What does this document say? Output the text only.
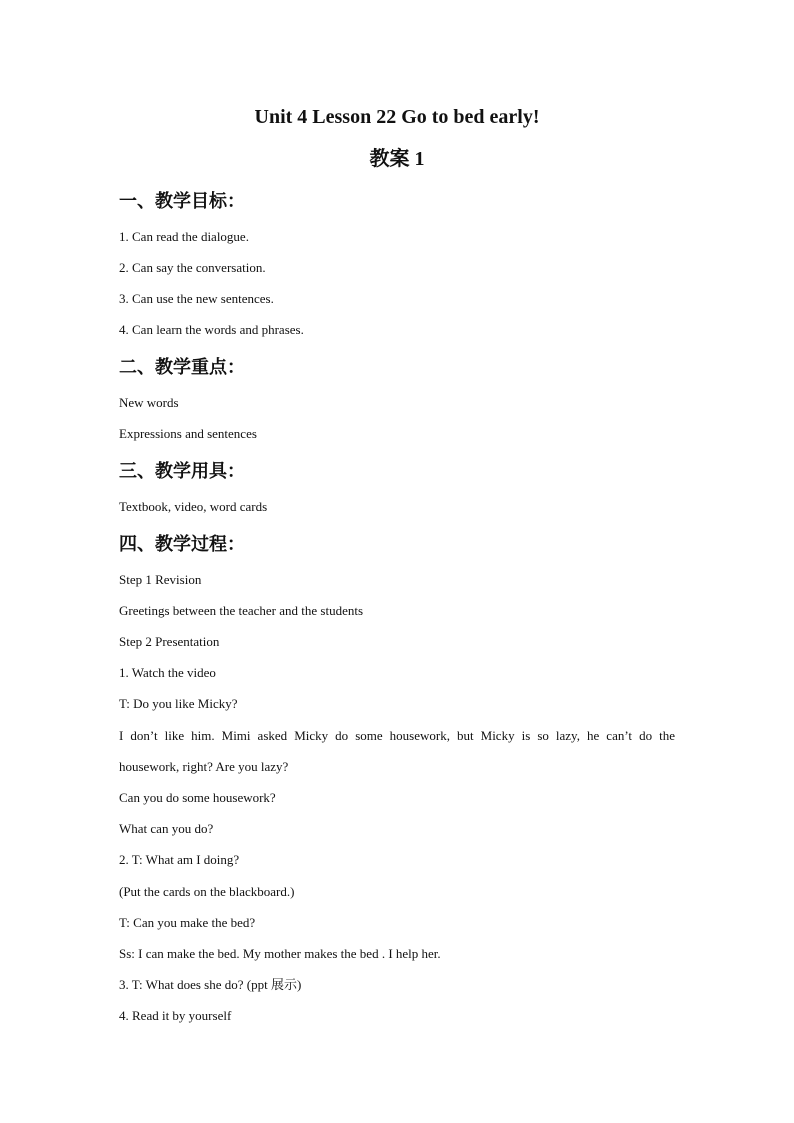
Unit 4 Lesson 22 Go to bed early!
教案 1
一、教学目标：

1. Can read the dialogue.

2. Can say the conversation.

3. Can use the new sentences.

4. Can learn the words and phrases.

二、教学重点：

New words

Expressions and sentences

三、教学用具：

Textbook, video, word cards

四、教学过程：

Step 1 Revision

Greetings between the teacher and the students

Step 2 Presentation

1. Watch the video

T: Do you like Micky?

I don’t like him. Mimi asked Micky do some housework, but Micky is so lazy, he can’t do the

housework, right? Are you lazy?

Can you do some housework?

What can you do?

2. T: What am I doing?

(Put the cards on the blackboard.)

T: Can you make the bed?

Ss: I can make the bed. My mother makes the bed . I help her.

3. T: What does she do? (ppt 展示)

4. Read it by yourself
